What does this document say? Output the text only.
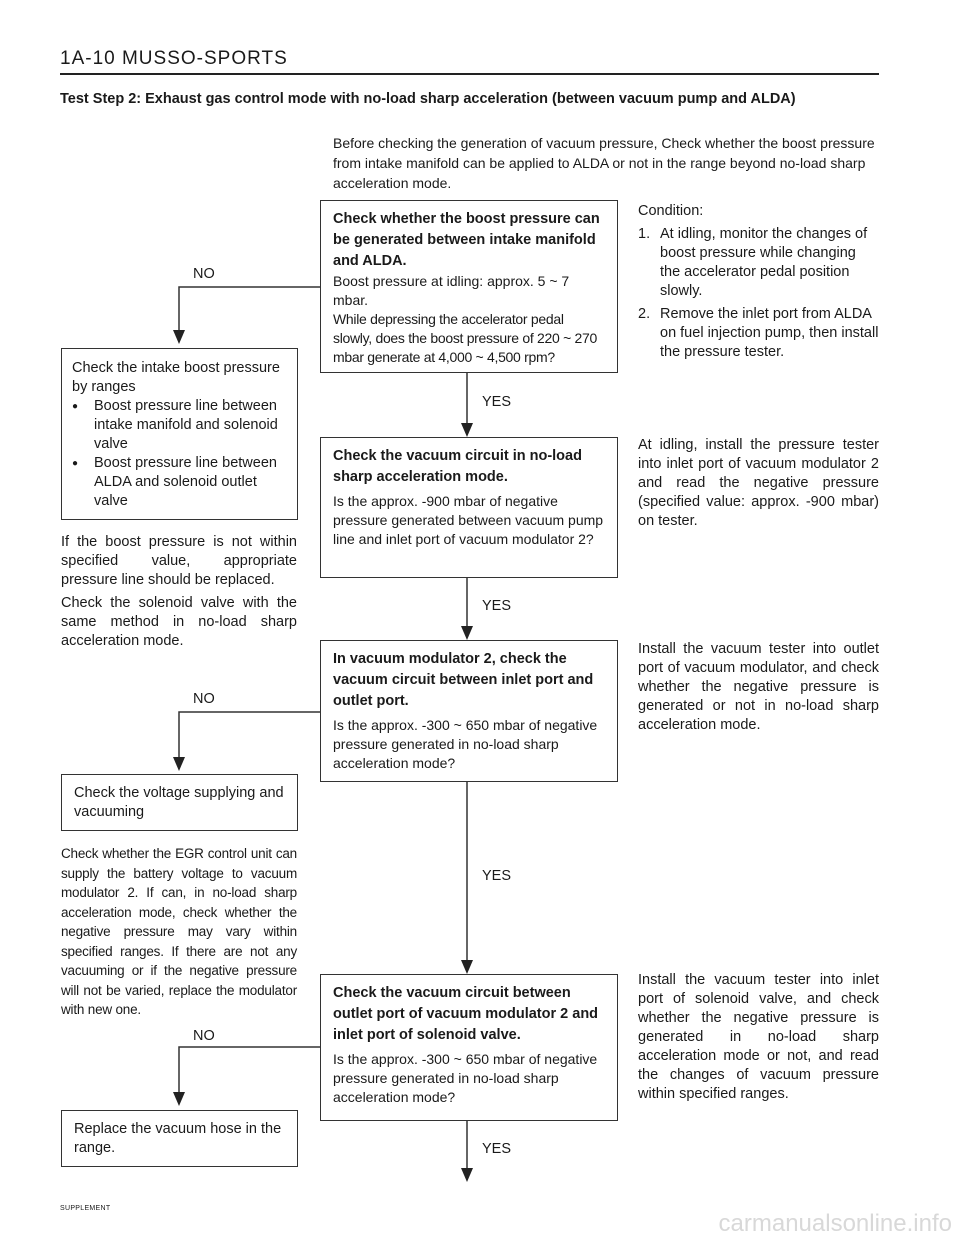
1A-10 MUSSO-SPORTS
Test Step 2: Exhaust gas control mode with no-load sharp acceleration (between vacuum pump and ALDA)
Before checking the generation of vacuum pressure, Check whether the boost pressure from intake manifold can be applied to ALDA or not in the range beyond no-load sharp acceleration mode.

Check whether the boost pressure can be generated between intake manifold and ALDA.

Boost pressure at idling: approx. 5 ~ 7 mbar.

While depressing the accelerator pedal slowly, does the boost pressure of 220 ~ 270 mbar generate at 4,000 ~ 4,500 rpm?

Check the vacuum circuit in no-load sharp acceleration mode.

Is the approx. -900 mbar of negative pressure generated between vacuum pump line and inlet port of vacuum modulator 2?

In vacuum modulator 2, check the vacuum circuit between inlet port and outlet port.

Is the approx. -300 ~ 650 mbar of negative pressure generated in no-load sharp acceleration mode?

Check the vacuum circuit between outlet port of vacuum modulator 2 and inlet port of solenoid valve.

Is the approx. -300 ~ 650 mbar of negative pressure generated in no-load sharp acceleration mode?

Check the intake boost pressure by ranges

● Boost pressure line between intake manifold and solenoid valve
● Boost pressure line between ALDA and solenoid outlet valve

Check the voltage supplying and vacuuming

Replace the vacuum hose in the range.

NO
NO
NO
YES
YES
YES
YES

If the boost pressure is not within specified value, appropriate pressure line should be replaced.

Check the solenoid valve with the same method in no-load sharp acceleration mode.

Check whether the EGR control unit can supply the battery voltage to vacuum modulator 2. If can, in no-load sharp acceleration mode, check whether the negative pressure may vary within specified ranges. If there are not any vacuuming or if the negative pressure will not be varied, replace the modulator with new one.

Condition:

1. At idling, monitor the changes of boost pressure while changing the accelerator pedal position slowly.
2. Remove the inlet port from ALDA on fuel injection pump, then install the pressure tester.
At idling, install the pressure tester into inlet port of vacuum modulator 2 and read the negative pressure (specified value: approx. -900 mbar) on tester.
Install the vacuum tester into outlet port of vacuum modulator, and check whether the negative pressure is generated or not in no-load sharp acceleration mode.
Install the vacuum tester into inlet port of solenoid valve, and check whether the negative pressure is generated in no-load sharp acceleration mode or not, and read the changes of vacuum pressure within specified ranges.
SUPPLEMENT
carmanualsonline.info
